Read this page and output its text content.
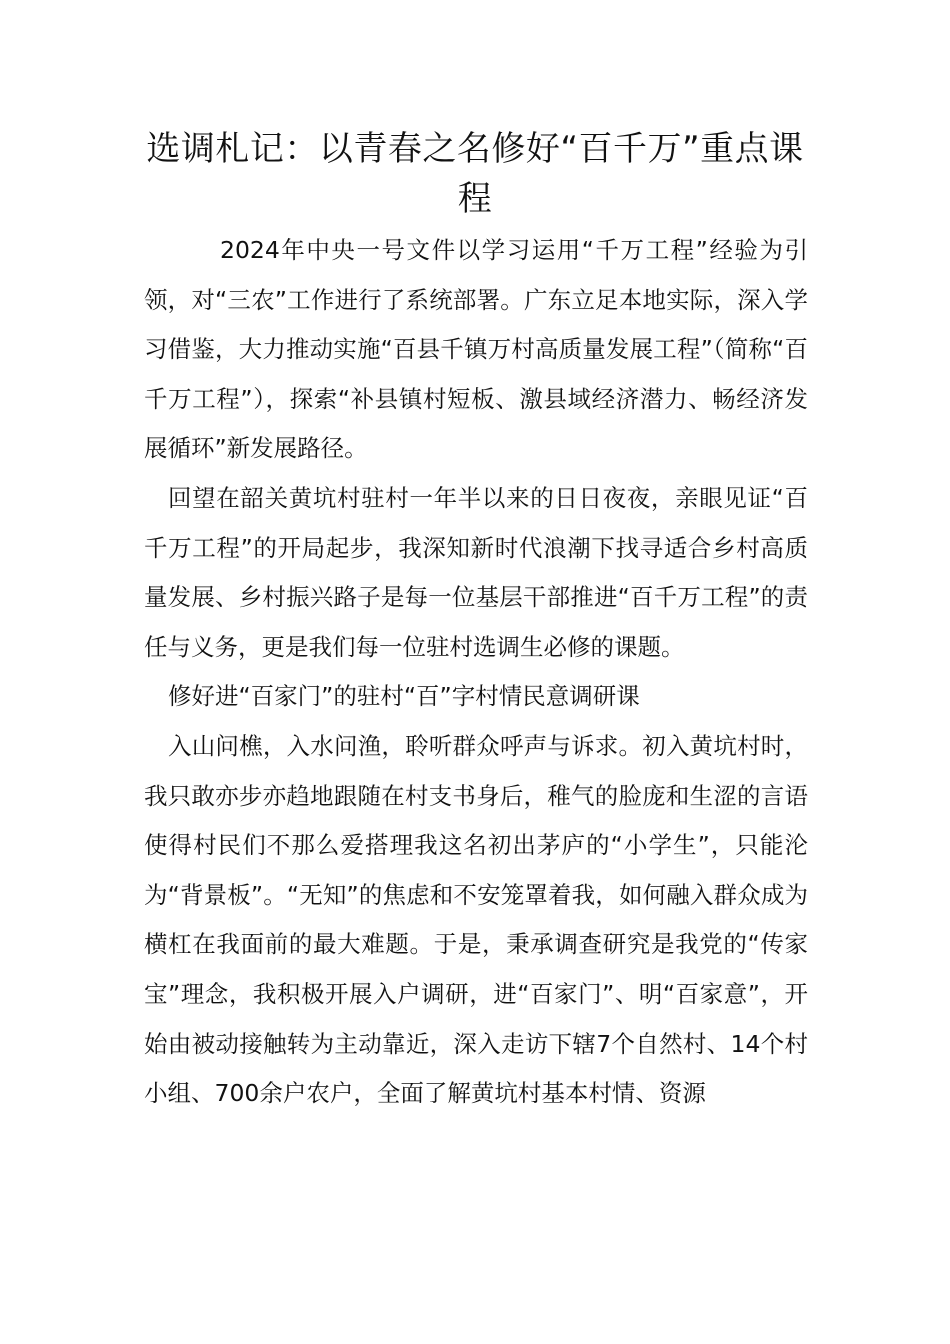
选调札记：以青春之名修好“百千万”重点课程

2024年中央一号文件以学习运用“千万工程”经验为引领，对“三农”工作进行了系统部署。广东立足本地实际，深入学习借鉴，大力推动实施“百县千镇万村高质量发展工程”（简称“百千万工程”），探索“补县镇村短板、激县域经济潜力、畅经济发展循环”新发展路径。

回望在韶关黄坑村驻村一年半以来的日日夜夜，亲眼见证“百千万工程”的开局起步，我深知新时代浪潮下找寻适合乡村高质量发展、乡村振兴路子是每一位基层干部推进“百千万工程”的责任与义务，更是我们每一位驻村选调生必修的课题。

修好进“百家门”的驻村“百”字村情民意调研课

入山问樵，入水问渔，聆听群众呼声与诉求。初入黄坑村时，我只敢亦步亦趋地跟随在村支书身后，稚气的脸庞和生涩的言语使得村民们不那么爱搭理我这名初出茅庐的“小学生”，只能沦为“背景板”。“无知”的焦虑和不安笼罩着我，如何融入群众成为横杠在我面前的最大难题。于是，秉承调查研究是我党的“传家宝”理念，我积极开展入户调研，进“百家门”、明“百家意”，开始由被动接触转为主动靠近，深入走访下辖7个自然村、14个村小组、700余户农户，全面了解黄坑村基本村情、资源
